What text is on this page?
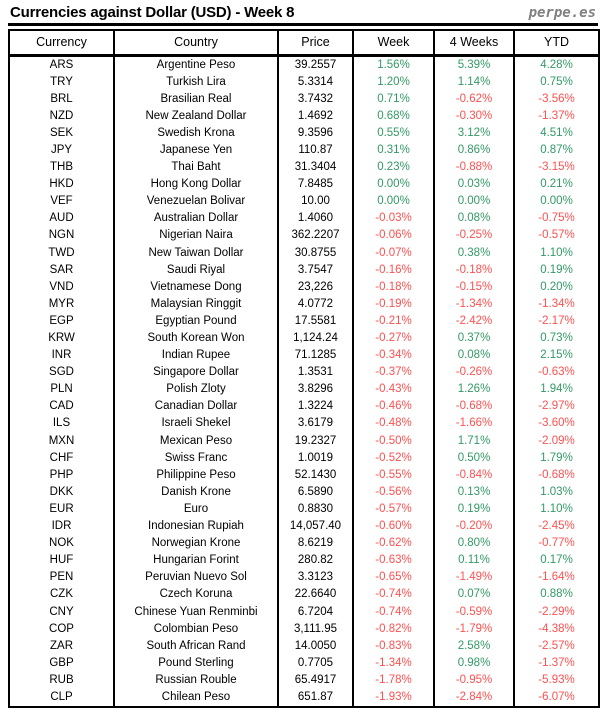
Currencies against Dollar (USD) - Week 8	perpe.es
Currency	Country	Price	Week	4 Weeks	YTD
ARS	Argentine Peso	39.2557	1.56%	5.39%	4.28%
TRY	Turkish Lira	5.3314	1.20%	1.14%	0.75%
BRL	Brasilian Real	3.7432	0.71%	-0.62%	-3.56%
NZD	New Zealand Dollar	1.4692	0.68%	-0.30%	-1.37%
SEK	Swedish Krona	9.3596	0.55%	3.12%	4.51%
JPY	Japanese Yen	110.87	0.31%	0.86%	0.87%
THB	Thai Baht	31.3404	0.23%	-0.88%	-3.15%
HKD	Hong Kong Dollar	7.8485	0.00%	0.03%	0.21%
VEF	Venezuelan Bolivar	10.00	0.00%	0.00%	0.00%
AUD	Australian Dollar	1.4060	-0.03%	0.08%	-0.75%
NGN	Nigerian Naira	362.2207	-0.06%	-0.25%	-0.57%
TWD	New Taiwan Dollar	30.8755	-0.07%	0.38%	1.10%
SAR	Saudi Riyal	3.7547	-0.16%	-0.18%	0.19%
VND	Vietnamese Dong	23,226	-0.18%	-0.15%	0.20%
MYR	Malaysian Ringgit	4.0772	-0.19%	-1.34%	-1.34%
EGP	Egyptian Pound	17.5581	-0.21%	-2.42%	-2.17%
KRW	South Korean Won	1,124.24	-0.27%	0.37%	0.73%
INR	Indian Rupee	71.1285	-0.34%	0.08%	2.15%
SGD	Singapore Dollar	1.3531	-0.37%	-0.26%	-0.63%
PLN	Polish Zloty	3.8296	-0.43%	1.26%	1.94%
CAD	Canadian Dollar	1.3224	-0.46%	-0.68%	-2.97%
ILS	Israeli Shekel	3.6179	-0.48%	-1.66%	-3.60%
MXN	Mexican Peso	19.2327	-0.50%	1.71%	-2.09%
CHF	Swiss Franc	1.0019	-0.52%	0.50%	1.79%
PHP	Philippine Peso	52.1430	-0.55%	-0.84%	-0.68%
DKK	Danish Krone	6.5890	-0.56%	0.13%	1.03%
EUR	Euro	0.8830	-0.57%	0.19%	1.10%
IDR	Indonesian Rupiah	14,057.40	-0.60%	-0.20%	-2.45%
NOK	Norwegian Krone	8.6219	-0.62%	0.80%	-0.77%
HUF	Hungarian Forint	280.82	-0.63%	0.11%	0.17%
PEN	Peruvian Nuevo Sol	3.3123	-0.65%	-1.49%	-1.64%
CZK	Czech Koruna	22.6640	-0.74%	0.07%	0.88%
CNY	Chinese Yuan Renminbi	6.7204	-0.74%	-0.59%	-2.29%
COP	Colombian Peso	3,111.95	-0.82%	-1.79%	-4.38%
ZAR	South African Rand	14.0050	-0.83%	2.58%	-2.57%
GBP	Pound Sterling	0.7705	-1.34%	0.98%	-1.37%
RUB	Russian Rouble	65.4917	-1.78%	-0.95%	-5.93%
CLP	Chilean Peso	651.87	-1.93%	-2.84%	-6.07%
